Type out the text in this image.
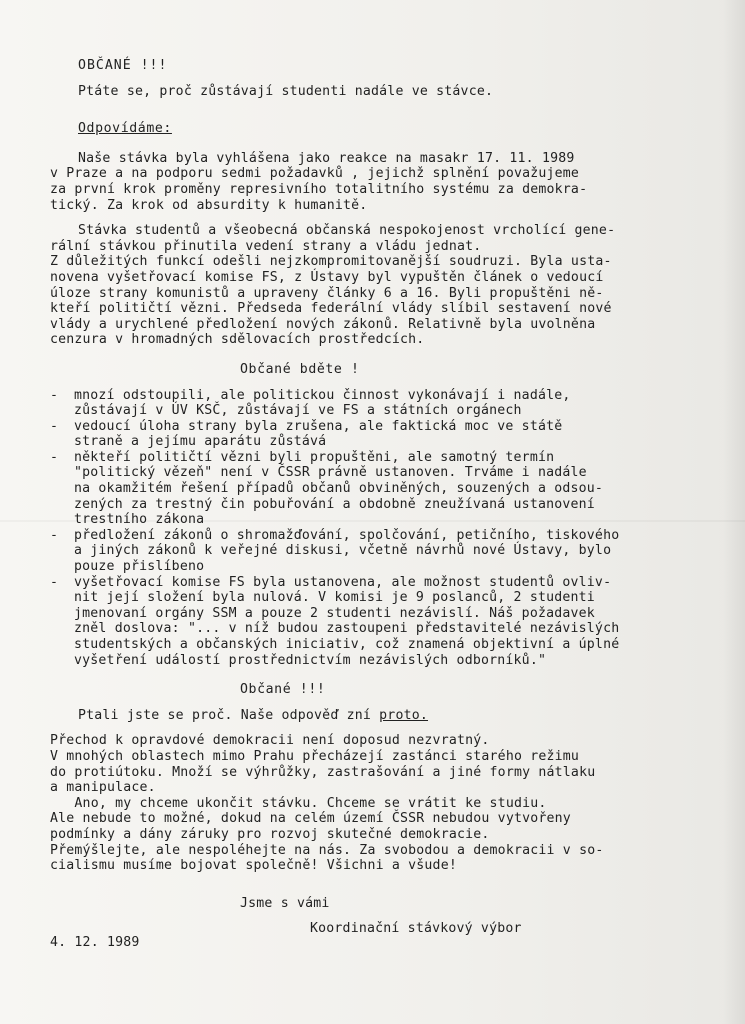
OBČANÉ !!!
Ptáte se, proč zůstávají studenti nadále ve stávce.
Odpovídáme:
Naše stávka byla vyhlášena jako reakce na masakr 17. 11. 1989
v Praze a na podporu sedmi požadavků , jejichž splnění považujeme
za první krok proměny represivního totalitního systému za demokra-
tický. Za krok od absurdity k humanitě.
Stávka studentů a všeobecná občanská nespokojenost vrcholící gene-
rální stávkou přinutila vedení strany a vládu jednat.
Z důležitých funkcí odešli nejzkompromitovanější soudruzi. Byla usta-
novena vyšetřovací komise FS, z Ústavy byl vypuštěn článek o vedoucí
úloze strany komunistů a upraveny články 6 a 16. Byli propuštěni ně-
kteří političtí vězni. Předseda federální vlády slíbil sestavení nové
vlády a urychlené předložení nových zákonů. Relativně byla uvolněna
cenzura v hromadných sdělovacích prostředcích.
Občané bděte !
- mnozí odstoupili, ale politickou činnost vykonávají i nadále,
zůstávají v ÚV KSČ, zůstávají ve FS a státních orgánech
- vedoucí úloha strany byla zrušena, ale faktická moc ve státě
straně a jejímu aparátu zůstává
- někteří političtí vězni byli propuštěni, ale samotný termín
"politický vězeň" není v ČSSR právně ustanoven. Trváme i nadále
na okamžitém řešení případů občanů obviněných, souzených a odsou-
zených za trestný čin pobuřování a obdobně zneužívaná ustanovení
trestního zákona
- předložení zákonů o shromažďování, spolčování, petičního, tiskového
a jiných zákonů k veřejné diskusi, včetně návrhů nové Ústavy, bylo
pouze přislíbeno
- vyšetřovací komise FS byla ustanovena, ale možnost studentů ovliv-
nit její složení byla nulová. V komisi je 9 poslanců, 2 studenti
jmenovaní orgány SSM a pouze 2 studenti nezávislí. Náš požadavek
zněl doslova: "... v níž budou zastoupeni představitelé nezávislých
studentských a občanských iniciativ, což znamená objektivní a úplné
vyšetření událostí prostřednictvím nezávislých odborníků."
Občané !!!
Ptali jste se proč. Naše odpověď zní proto.
Přechod k opravdové demokracii není doposud nezvratný.
V mnohých oblastech mimo Prahu přecházejí zastánci starého režimu
do protiútoku. Množí se výhrůžky, zastrašování a jiné formy nátlaku
a manipulace.
Ano, my chceme ukončit stávku. Chceme se vrátit ke studiu.
Ale nebude to možné, dokud na celém území ČSSR nebudou vytvořeny
podmínky a dány záruky pro rozvoj skutečné demokracie.
Přemýšlejte, ale nespoléhejte na nás. Za svobodou a demokracii v so-
cialismu musíme bojovat společně! Všichni a všude!
Jsme s vámi
Koordinační stávkový výbor
4. 12. 1989
